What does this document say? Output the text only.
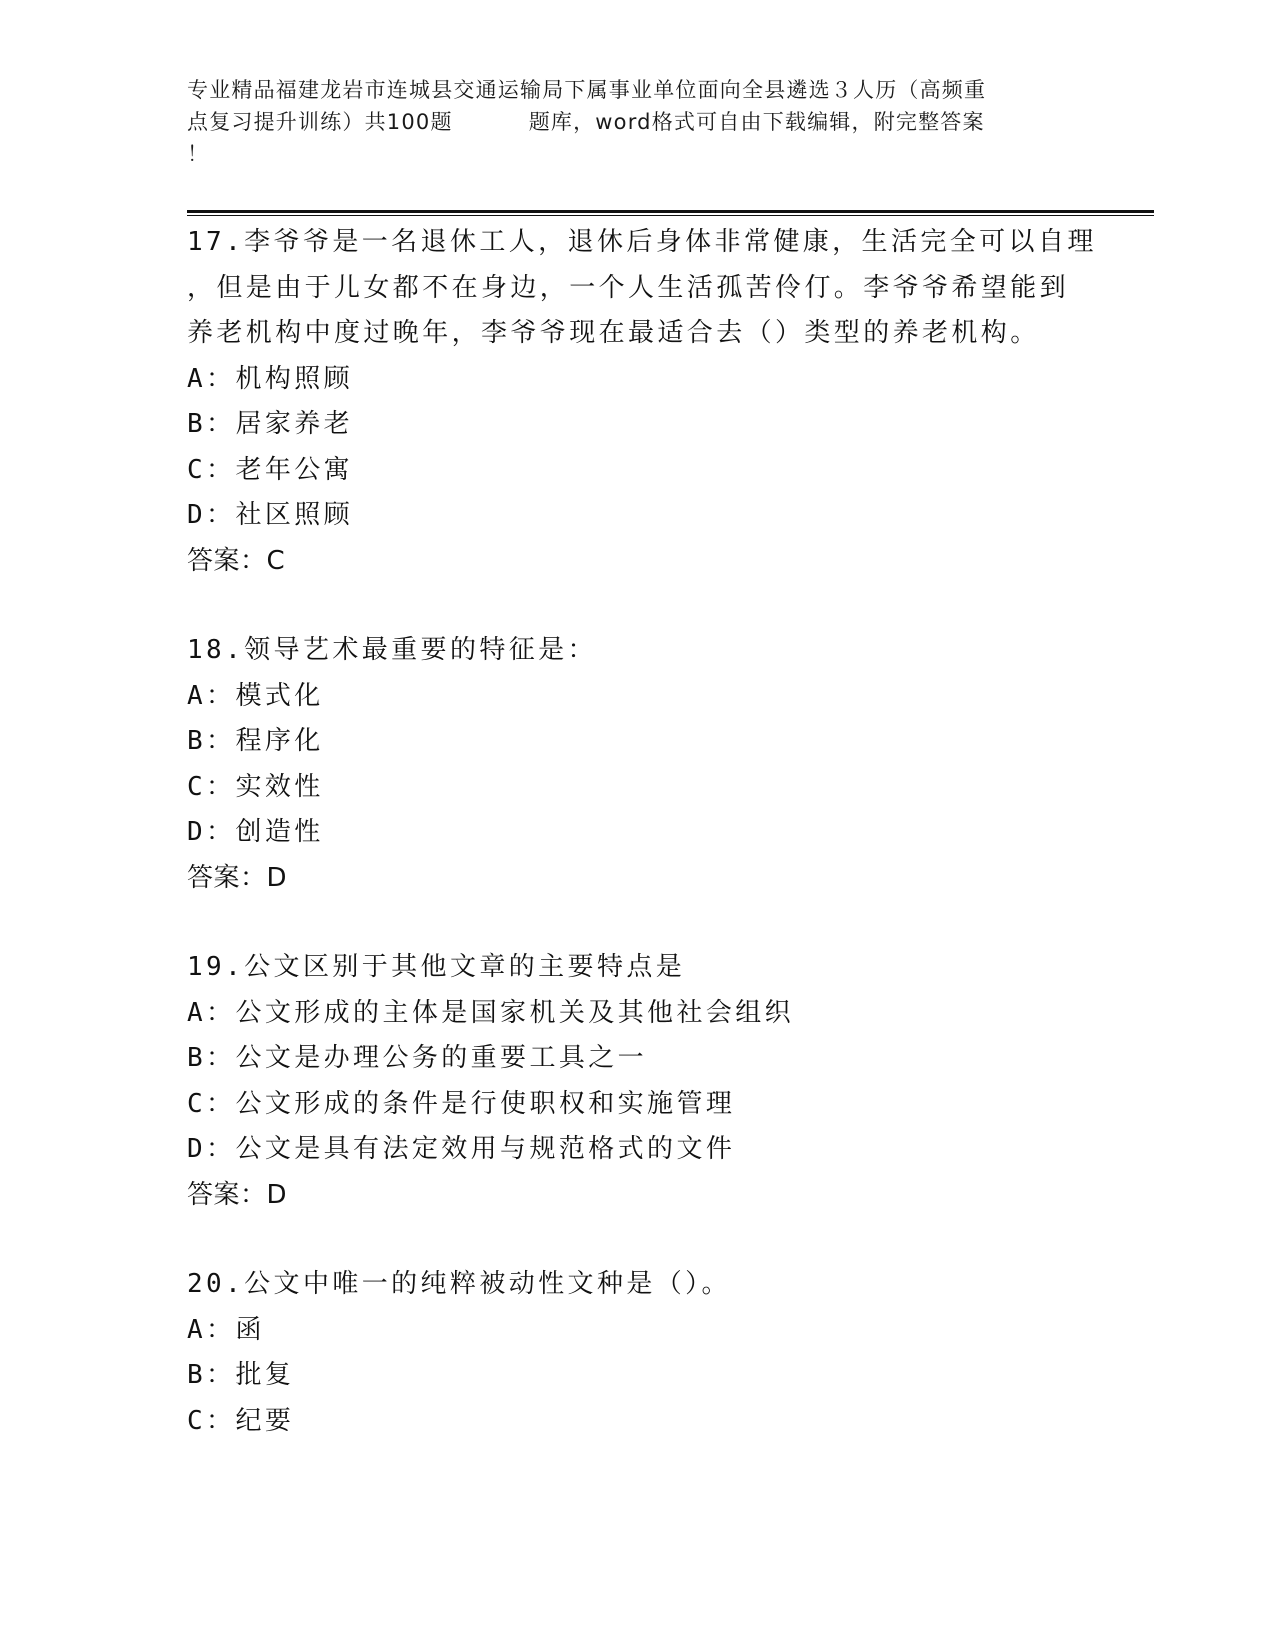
专业精品福建龙岩市连城县交通运输局下属事业单位面向全县遴选３人历（高频重
点复习提升训练）共100题	题库，word格式可自由下载编辑，附完整答案
！
17.李爷爷是一名退休工人，退休后身体非常健康，生活完全可以自理
，但是由于儿女都不在身边，一个人生活孤苦伶仃。李爷爷希望能到
养老机构中度过晚年，李爷爷现在最适合去（）类型的养老机构。
A：机构照顾
B：居家养老
C：老年公寓
D：社区照顾
答案：C
18.领导艺术最重要的特征是：
A：模式化
B：程序化
C：实效性
D：创造性
答案：D
19.公文区别于其他文章的主要特点是
A：公文形成的主体是国家机关及其他社会组织
B：公文是办理公务的重要工具之一
C：公文形成的条件是行使职权和实施管理
D：公文是具有法定效用与规范格式的文件
答案：D
20.公文中唯一的纯粹被动性文种是（）。
A：函
B：批复
C：纪要
